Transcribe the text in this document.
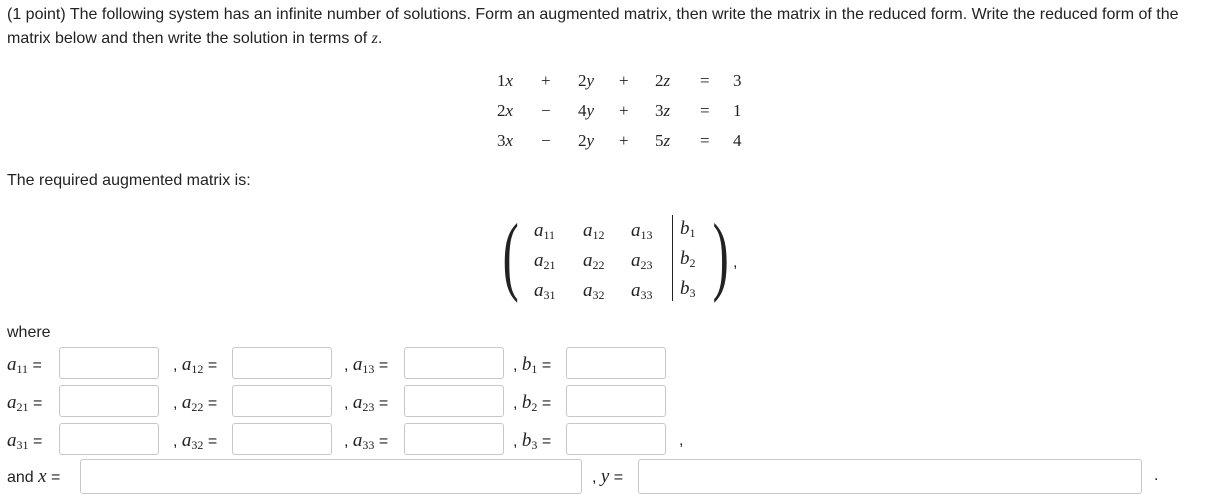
(1 point) The following system has an infinite number of solutions. Form an augmented matrix, then write the matrix in the reduced form. Write the reduced form of the matrix below and then write the solution in terms of z.
1x + 2y + 2z = 3
2x − 4y + 3z = 1
3x − 2y + 5z = 4
The required augmented matrix is:
( )
$a_{11}$ $a_{12}$ $a_{13}$ $b_1$
$a_{21}$ $a_{22}$ $a_{23}$ $b_2$
$a_{31}$ $a_{32}$ $a_{33}$ $b_3$
,
where
$a_{11}$ =	, $a_{12}$ =	, $a_{13}$ =	, $b_1$ =
$a_{21}$ =	, $a_{22}$ =	, $a_{23}$ =	, $b_2$ =
$a_{31}$ =	, $a_{32}$ =	, $a_{33}$ =	, $b_3$ =	,
and x =	, y =	.
